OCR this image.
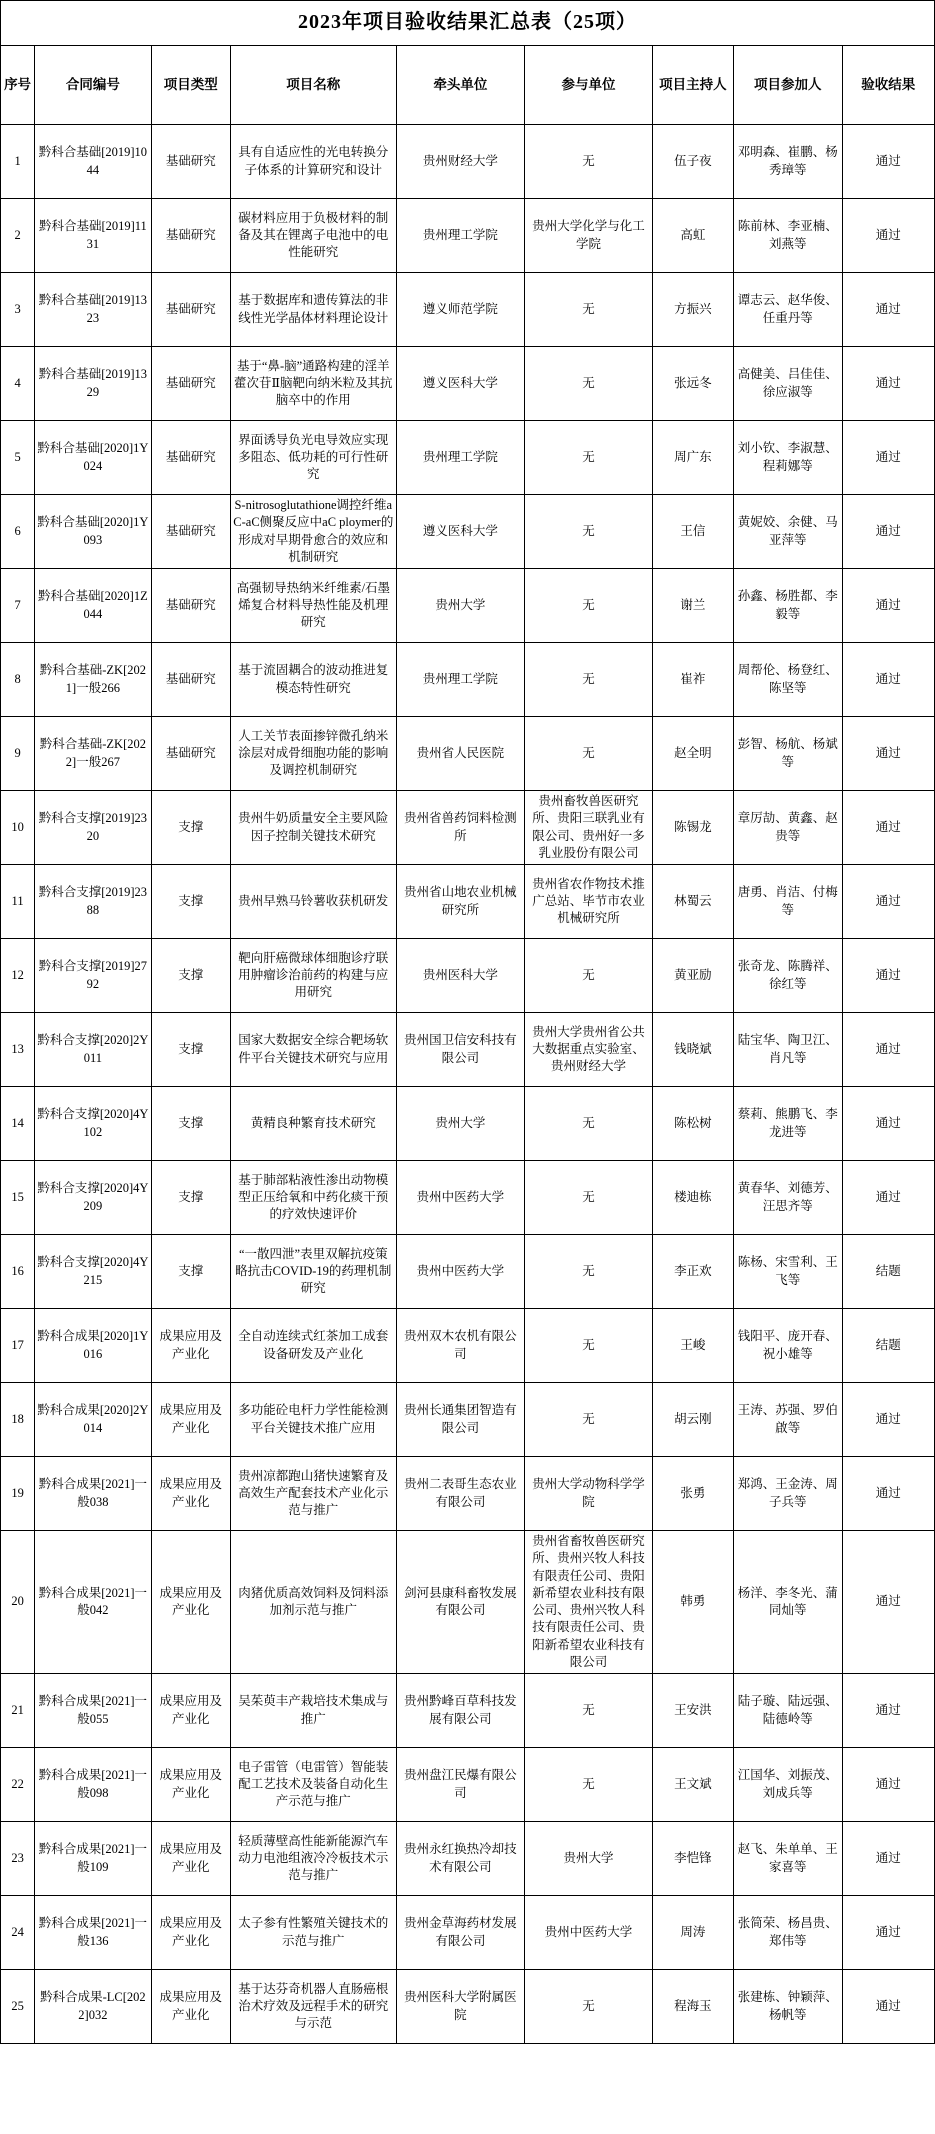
2023年项目验收结果汇总表（25项）								
序号	合同编号	项目类型	项目名称	牵头单位	参与单位	项目主持人	项目参加人	验收结果
1	黔科合基础[2019]1044	基础研究	具有自适应性的光电转换分子体系的计算研究和设计	贵州财经大学	无	伍子夜	邓明森、崔鹏、杨秀璋等	通过
2	黔科合基础[2019]1131	基础研究	碳材料应用于负极材料的制备及其在锂离子电池中的电性能研究	贵州理工学院	贵州大学化学与化工学院	高虹	陈前林、李亚楠、刘燕等	通过
3	黔科合基础[2019]1323	基础研究	基于数据库和遗传算法的非线性光学晶体材料理论设计	遵义师范学院	无	方振兴	谭志云、赵华俊、任重丹等	通过
4	黔科合基础[2019]1329	基础研究	基于“鼻-脑”通路构建的淫羊藿次苷Ⅱ脑靶向纳米粒及其抗脑卒中的作用	遵义医科大学	无	张远冬	高健美、吕佳佳、徐应淑等	通过
5	黔科合基础[2020]1Y024	基础研究	界面诱导负光电导效应实现多阻态、低功耗的可行性研究	贵州理工学院	无	周广东	刘小钦、李淑慧、程莉娜等	通过
6	黔科合基础[2020]1Y093	基础研究	S-nitrosoglutathione调控纤维aC-aC侧聚反应中aC ploymer的形成对早期骨愈合的效应和机制研究	遵义医科大学	无	王信	黄妮姣、余健、马亚萍等	通过
7	黔科合基础[2020]1Z044	基础研究	高强韧导热纳米纤维素/石墨烯复合材料导热性能及机理研究	贵州大学	无	谢兰	孙鑫、杨胜都、李毅等	通过
8	黔科合基础-ZK[2021]一般266	基础研究	基于流固耦合的波动推进复模态特性研究	贵州理工学院	无	崔祚	周帮伦、杨登红、陈坚等	通过
9	黔科合基础-ZK[2022]一般267	基础研究	人工关节表面掺锌微孔纳米涂层对成骨细胞功能的影响及调控机制研究	贵州省人民医院	无	赵全明	彭智、杨航、杨斌等	通过
10	黔科合支撑[2019]2320	支撑	贵州牛奶质量安全主要风险因子控制关键技术研究	贵州省兽药饲料检测所	贵州畜牧兽医研究所、贵阳三联乳业有限公司、贵州好一多乳业股份有限公司	陈锡龙	章厉劼、黄鑫、赵贵等	通过
11	黔科合支撑[2019]2388	支撑	贵州早熟马铃薯收获机研发	贵州省山地农业机械研究所	贵州省农作物技术推广总站、毕节市农业机械研究所	林蜀云	唐勇、肖洁、付梅等	通过
12	黔科合支撑[2019]2792	支撑	靶向肝癌微球体细胞诊疗联用肿瘤诊治前药的构建与应用研究	贵州医科大学	无	黄亚励	张奇龙、陈腾祥、徐红等	通过
13	黔科合支撑[2020]2Y011	支撑	国家大数据安全综合靶场软件平台关键技术研究与应用	贵州国卫信安科技有限公司	贵州大学贵州省公共大数据重点实验室、贵州财经大学	钱晓斌	陆宝华、陶卫江、肖凡等	通过
14	黔科合支撑[2020]4Y102	支撑	黄精良种繁育技术研究	贵州大学	无	陈松树	蔡莉、熊鹏飞、李龙进等	通过
15	黔科合支撑[2020]4Y209	支撑	基于肺部粘液性渗出动物模型正压给氧和中药化痰干预的疗效快速评价	贵州中医药大学	无	楼迪栋	黄春华、刘德芳、汪思齐等	通过
16	黔科合支撑[2020]4Y215	支撑	“一散四泄”表里双解抗疫策略抗击COVID-19的药理机制研究	贵州中医药大学	无	李正欢	陈杨、宋雪利、王飞等	结题
17	黔科合成果[2020]1Y016	成果应用及产业化	全自动连续式红茶加工成套设备研发及产业化	贵州双木农机有限公司	无	王峻	钱阳平、庞开春、祝小雄等	结题
18	黔科合成果[2020]2Y014	成果应用及产业化	多功能砼电杆力学性能检测平台关键技术推广应用	贵州长通集团智造有限公司	无	胡云刚	王涛、苏强、罗伯啟等	通过
19	黔科合成果[2021]一般038	成果应用及产业化	贵州凉都跑山猪快速繁育及高效生产配套技术产业化示范与推广	贵州二表哥生态农业有限公司	贵州大学动物科学学院	张勇	郑鸿、王金涛、周子兵等	通过
20	黔科合成果[2021]一般042	成果应用及产业化	肉猪优质高效饲料及饲料添加剂示范与推广	剑河县康科畜牧发展有限公司	贵州省畜牧兽医研究所、贵州兴牧人科技有限责任公司、贵阳新希望农业科技有限公司、贵州兴牧人科技有限责任公司、贵阳新希望农业科技有限公司	韩勇	杨洋、李冬光、蒲同灿等	通过
21	黔科合成果[2021]一般055	成果应用及产业化	吴茱萸丰产栽培技术集成与推广	贵州黔峰百草科技发展有限公司	无	王安洪	陆子璇、陆远强、陆德岭等	通过
22	黔科合成果[2021]一般098	成果应用及产业化	电子雷管（电雷管）智能装配工艺技术及装备自动化生产示范与推广	贵州盘江民爆有限公司	无	王文斌	江国华、刘振茂、刘成兵等	通过
23	黔科合成果[2021]一般109	成果应用及产业化	轻质薄壁高性能新能源汽车动力电池组液冷冷板技术示范与推广	贵州永红换热冷却技术有限公司	贵州大学	李恺锋	赵飞、朱单单、王家喜等	通过
24	黔科合成果[2021]一般136	成果应用及产业化	太子参有性繁殖关键技术的示范与推广	贵州金草海药材发展有限公司	贵州中医药大学	周涛	张简荣、杨昌贵、郑伟等	通过
25	黔科合成果-LC[2022]032	成果应用及产业化	基于达芬奇机器人直肠癌根治术疗效及远程手术的研究与示范	贵州医科大学附属医院	无	程海玉	张建栋、钟颖萍、杨帆等	通过
